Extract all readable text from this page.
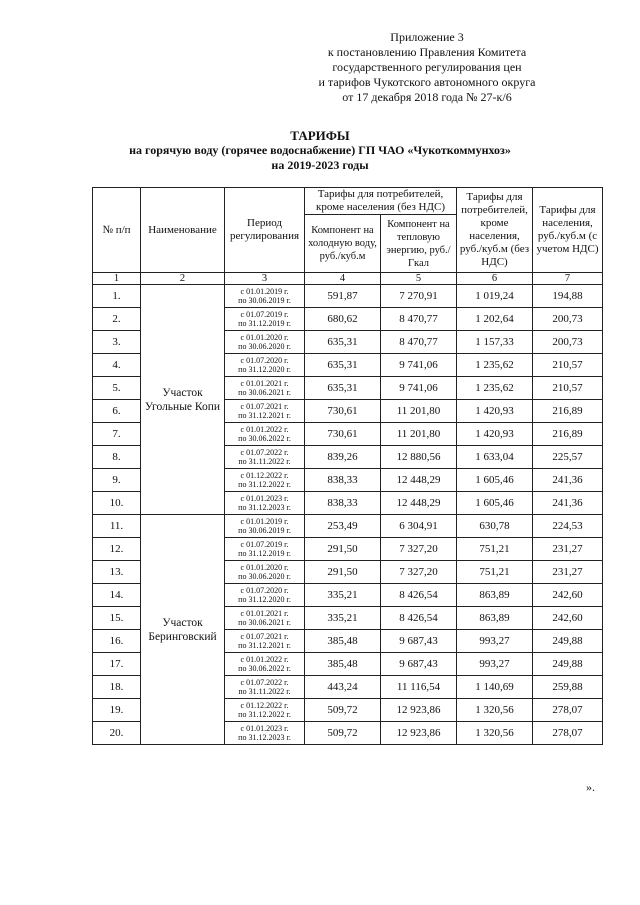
Приложение 3
к постановлению Правления Комитета
государственного регулирования цен
и тарифов Чукотского автономного округа
от 17 декабря 2018 года № 27-к/6
ТАРИФЫ
на горячую воду (горячее водоснабжение) ГП ЧАО «Чукоткоммунхоз»
на 2019-2023 годы
№ п/п	Наименование	Период регулирования	Тарифы для потребителей, кроме населения (без НДС)		Тарифы для потребителей, кроме населения, руб./куб.м (без НДС)	Тарифы для населения, руб./куб.м (с учетом НДС)
			Компонент на холодную воду, руб./куб.м	Компонент на тепловую энергию, руб./Гкал		
1	2	3	4	5	6	7
1.	Участок Угольные Копи	с 01.01.2019 г.
по 30.06.2019 г.	591,87	7 270,91	1 019,24	194,88
2.		с 01.07.2019 г.
по 31.12.2019 г.	680,62	8 470,77	1 202,64	200,73
3.		с 01.01.2020 г.
по 30.06.2020 г.	635,31	8 470,77	1 157,33	200,73
4.		с 01.07.2020 г.
по 31.12.2020 г.	635,31	9 741,06	1 235,62	210,57
5.		с 01.01.2021 г.
по 30.06.2021 г.	635,31	9 741,06	1 235,62	210,57
6.		с 01.07.2021 г.
по 31.12.2021 г.	730,61	11 201,80	1 420,93	216,89
7.		с 01.01.2022 г.
по 30.06.2022 г.	730,61	11 201,80	1 420,93	216,89
8.		с 01.07.2022 г.
по 31.11.2022 г.	839,26	12 880,56	1 633,04	225,57
9.		с 01.12.2022 г.
по 31.12.2022 г.	838,33	12 448,29	1 605,46	241,36
10.		с 01.01.2023 г.
по 31.12.2023 г.	838,33	12 448,29	1 605,46	241,36
11.	Участок Беринговский	с 01.01.2019 г.
по 30.06.2019 г.	253,49	6 304,91	630,78	224,53
12.		с 01.07.2019 г.
по 31.12.2019 г.	291,50	7 327,20	751,21	231,27
13.		с 01.01.2020 г.
по 30.06.2020 г.	291,50	7 327,20	751,21	231,27
14.		с 01.07.2020 г.
по 31.12.2020 г.	335,21	8 426,54	863,89	242,60
15.		с 01.01.2021 г.
по 30.06.2021 г.	335,21	8 426,54	863,89	242,60
16.		с 01.07.2021 г.
по 31.12.2021 г.	385,48	9 687,43	993,27	249,88
17.		с 01.01.2022 г.
по 30.06.2022 г.	385,48	9 687,43	993,27	249,88
18.		с 01.07.2022 г.
по 31.11.2022 г.	443,24	11 116,54	1 140,69	259,88
19.		с 01.12.2022 г.
по 31.12.2022 г.	509,72	12 923,86	1 320,56	278,07
20.		с 01.01.2023 г.
по 31.12.2023 г.	509,72	12 923,86	1 320,56	278,07
».
